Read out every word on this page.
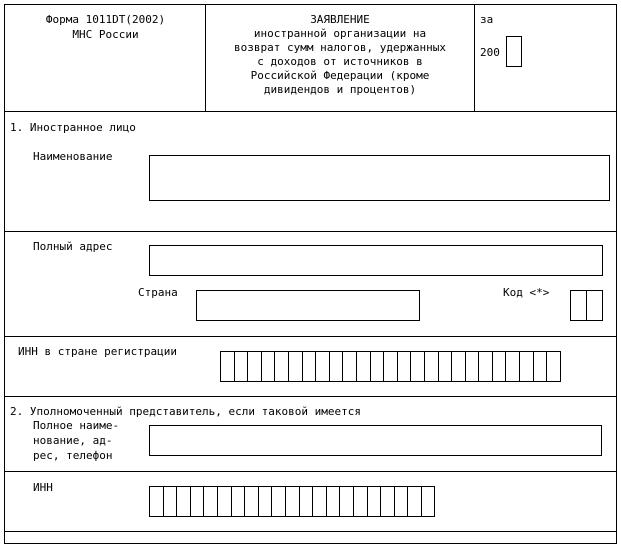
Форма 1011DT(2002)
МНС России
ЗАЯВЛЕНИЕ
иностранной организации на
возврат сумм налогов, удержанных
с доходов от источников в
Российской Федерации (кроме
дивидендов и процентов)
за
200
1. Иностранное лицо
Наименование
Полный адрес
Страна	Код <*>
ИНН в стране регистрации
2. Уполномоченный представитель, если таковой имеется
Полное наиме-
нование, ад-
рес, телефон
ИНН
